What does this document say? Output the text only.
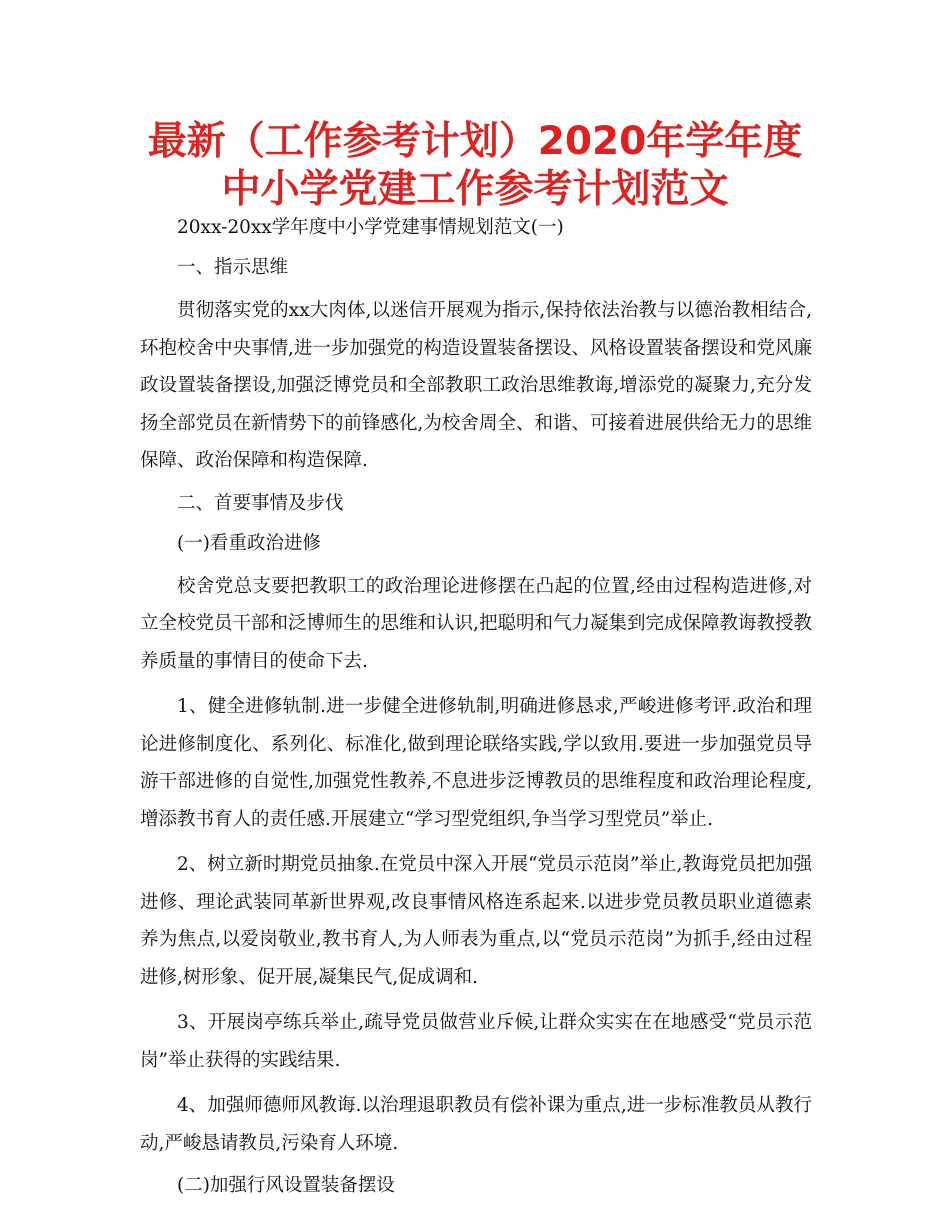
最新（工作参考计划）2020年学年度中小学党建工作参考计划范文

20xx-20xx学年度中小学党建事情规划范文(一)

一、指示思维

贯彻落实党的xx大肉体,以迷信开展观为指示,保持依法治教与以德治教相结合,环抱校舍中央事情,进一步加强党的构造设置装备摆设、风格设置装备摆设和党风廉政设置装备摆设,加强泛博党员和全部教职工政治思维教诲,增添党的凝聚力,充分发扬全部党员在新情势下的前锋感化,为校舍周全、和谐、可接着进展供给无力的思维保障、政治保障和构造保障.

二、首要事情及步伐

(一)看重政治进修

校舍党总支要把教职工的政治理论进修摆在凸起的位置,经由过程构造进修,对立全校党员干部和泛博师生的思维和认识,把聪明和气力凝集到完成保障教诲教授教养质量的事情目的使命下去.

1、健全进修轨制.进一步健全进修轨制,明确进修恳求,严峻进修考评.政治和理论进修制度化、系列化、标准化,做到理论联络实践,学以致用.要进一步加强党员导游干部进修的自觉性,加强党性教养,不息进步泛博教员的思维程度和政治理论程度,增添教书育人的责任感.开展建立“学习型党组织,争当学习型党员”举止.

2、树立新时期党员抽象.在党员中深入开展“党员示范岗”举止,教诲党员把加强进修、理论武装同革新世界观,改良事情风格连系起来.以进步党员教员职业道德素养为焦点,以爱岗敬业,教书育人,为人师表为重点,以“党员示范岗”为抓手,经由过程进修,树形象、促开展,凝集民气,促成调和.

3、开展岗亭练兵举止,疏导党员做营业斥候,让群众实实在在地感受“党员示范岗”举止获得的实践结果.

4、加强师德师风教诲.以治理退职教员有偿补课为重点,进一步标准教员从教行动,严峻恳请教员,污染育人环境.

(二)加强行风设置装备摆设
